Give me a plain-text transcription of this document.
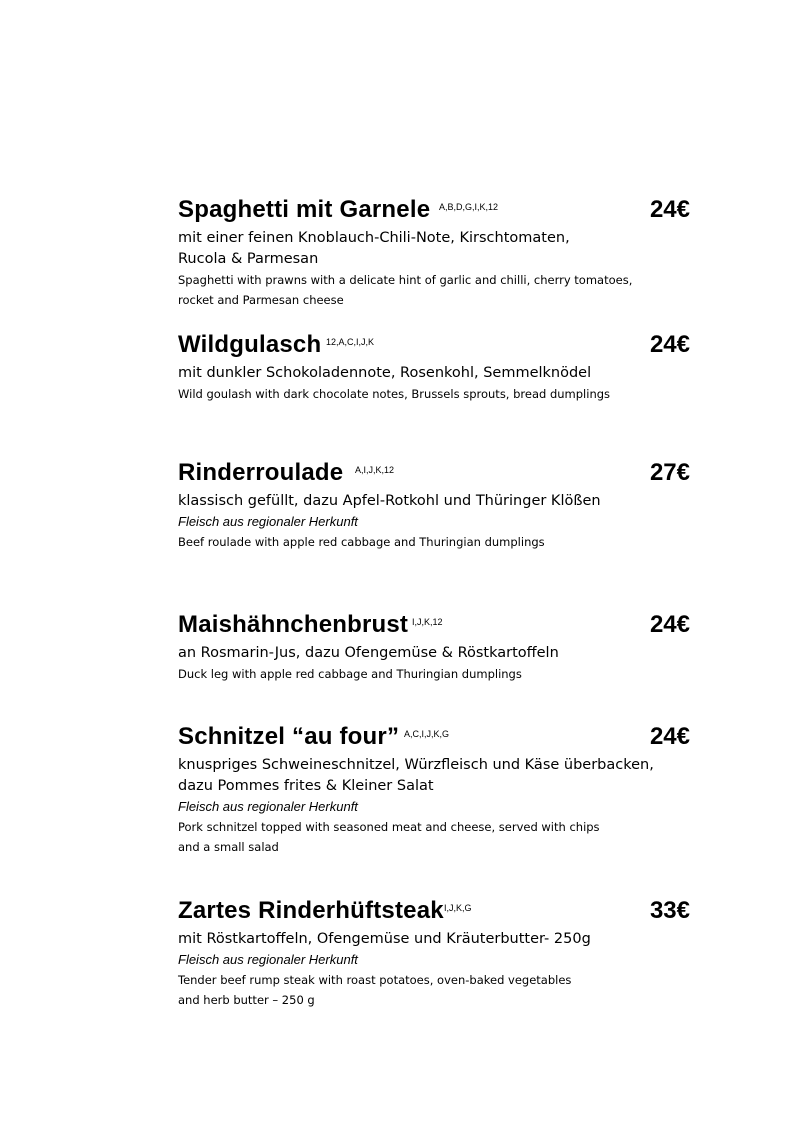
Spaghetti mit Garnele A,B,D,G,I,K,12	24€
mit einer feinen Knoblauch-Chili-Note, Kirschtomaten,
Rucola & Parmesan
Spaghetti with prawns with a delicate hint of garlic and chilli, cherry tomatoes,
rocket and Parmesan cheese
Wildgulasch 12,A,C,I,J,K	24€
mit dunkler Schokoladennote, Rosenkohl, Semmelknödel
Wild goulash with dark chocolate notes, Brussels sprouts, bread dumplings
Rinderroulade A,I,J,K,12	27€
klassisch gefüllt, dazu Apfel-Rotkohl und Thüringer Klößen
Fleisch aus regionaler Herkunft
Beef roulade with apple red cabbage and Thuringian dumplings
Maishähnchenbrust I,J,K,12	24€
an Rosmarin-Jus, dazu Ofengemüse & Röstkartoffeln
Duck leg with apple red cabbage and Thuringian dumplings
Schnitzel “au four” A,C,I,J,K,G	24€
knuspriges Schweineschnitzel, Würzfleisch und Käse überbacken,
dazu Pommes frites & Kleiner Salat
Fleisch aus regionaler Herkunft
Pork schnitzel topped with seasoned meat and cheese, served with chips
and a small salad
Zartes Rinderhüftsteak I,J,K,G	33€
mit Röstkartoffeln, Ofengemüse und Kräuterbutter- 250g
Fleisch aus regionaler Herkunft
Tender beef rump steak with roast potatoes, oven-baked vegetables
and herb butter – 250 g
